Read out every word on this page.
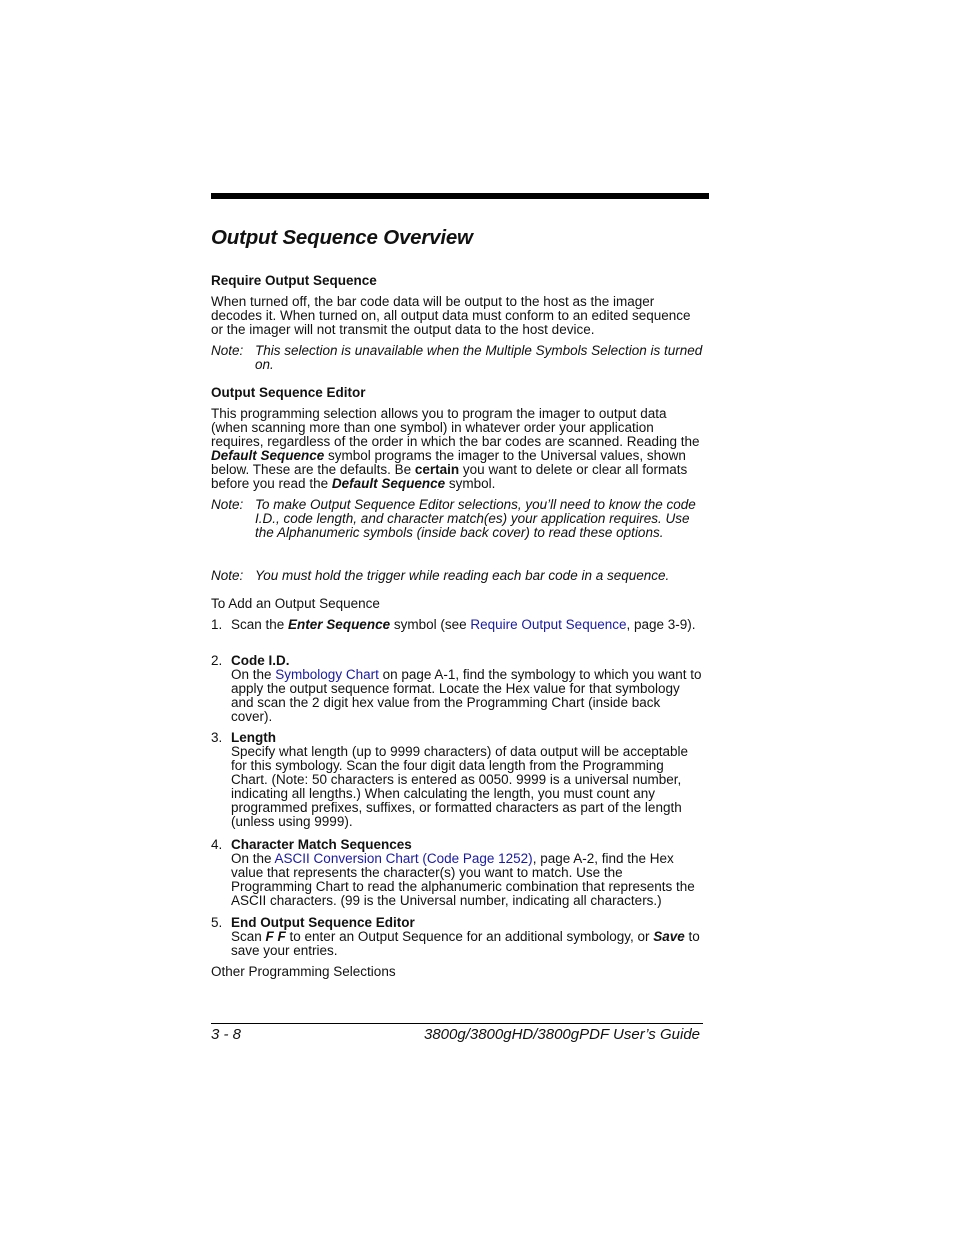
Output Sequence Overview
Require Output Sequence

When turned off, the bar code data will be output to the host as the imager decodes it. When turned on, all output data must conform to an edited sequence or the imager will not transmit the output data to the host device.

Note: This selection is unavailable when the Multiple Symbols Selection is turned on.
Output Sequence Editor

This programming selection allows you to program the imager to output data (when scanning more than one symbol) in whatever order your application requires, regardless of the order in which the bar codes are scanned. Reading the Default Sequence symbol programs the imager to the Universal values, shown below. These are the defaults. Be certain you want to delete or clear all formats before you read the Default Sequence symbol.

Note: To make Output Sequence Editor selections, you’ll need to know the code I.D., code length, and character match(es) your application requires. Use the Alphanumeric symbols (inside back cover) to read these options.
Note: You must hold the trigger while reading each bar code in a sequence.

To Add an Output Sequence

1. Scan the Enter Sequence symbol (see Require Output Sequence, page 3-9).
2. Code I.D.
On the Symbology Chart on page A-1, find the symbology to which you want to apply the output sequence format. Locate the Hex value for that symbology and scan the 2 digit hex value from the Programming Chart (inside back cover).
3. Length
Specify what length (up to 9999 characters) of data output will be acceptable for this symbology. Scan the four digit data length from the Programming Chart. (Note: 50 characters is entered as 0050. 9999 is a universal number, indicating all lengths.) When calculating the length, you must count any programmed prefixes, suffixes, or formatted characters as part of the length (unless using 9999).
4. Character Match Sequences
On the ASCII Conversion Chart (Code Page 1252), page A-2, find the Hex value that represents the character(s) you want to match. Use the Programming Chart to read the alphanumeric combination that represents the ASCII characters. (99 is the Universal number, indicating all characters.)
5. End Output Sequence Editor
Scan F F to enter an Output Sequence for an additional symbology, or Save to save your entries.

Other Programming Selections

3 - 8	3800g/3800gHD/3800gPDF User’s Guide
